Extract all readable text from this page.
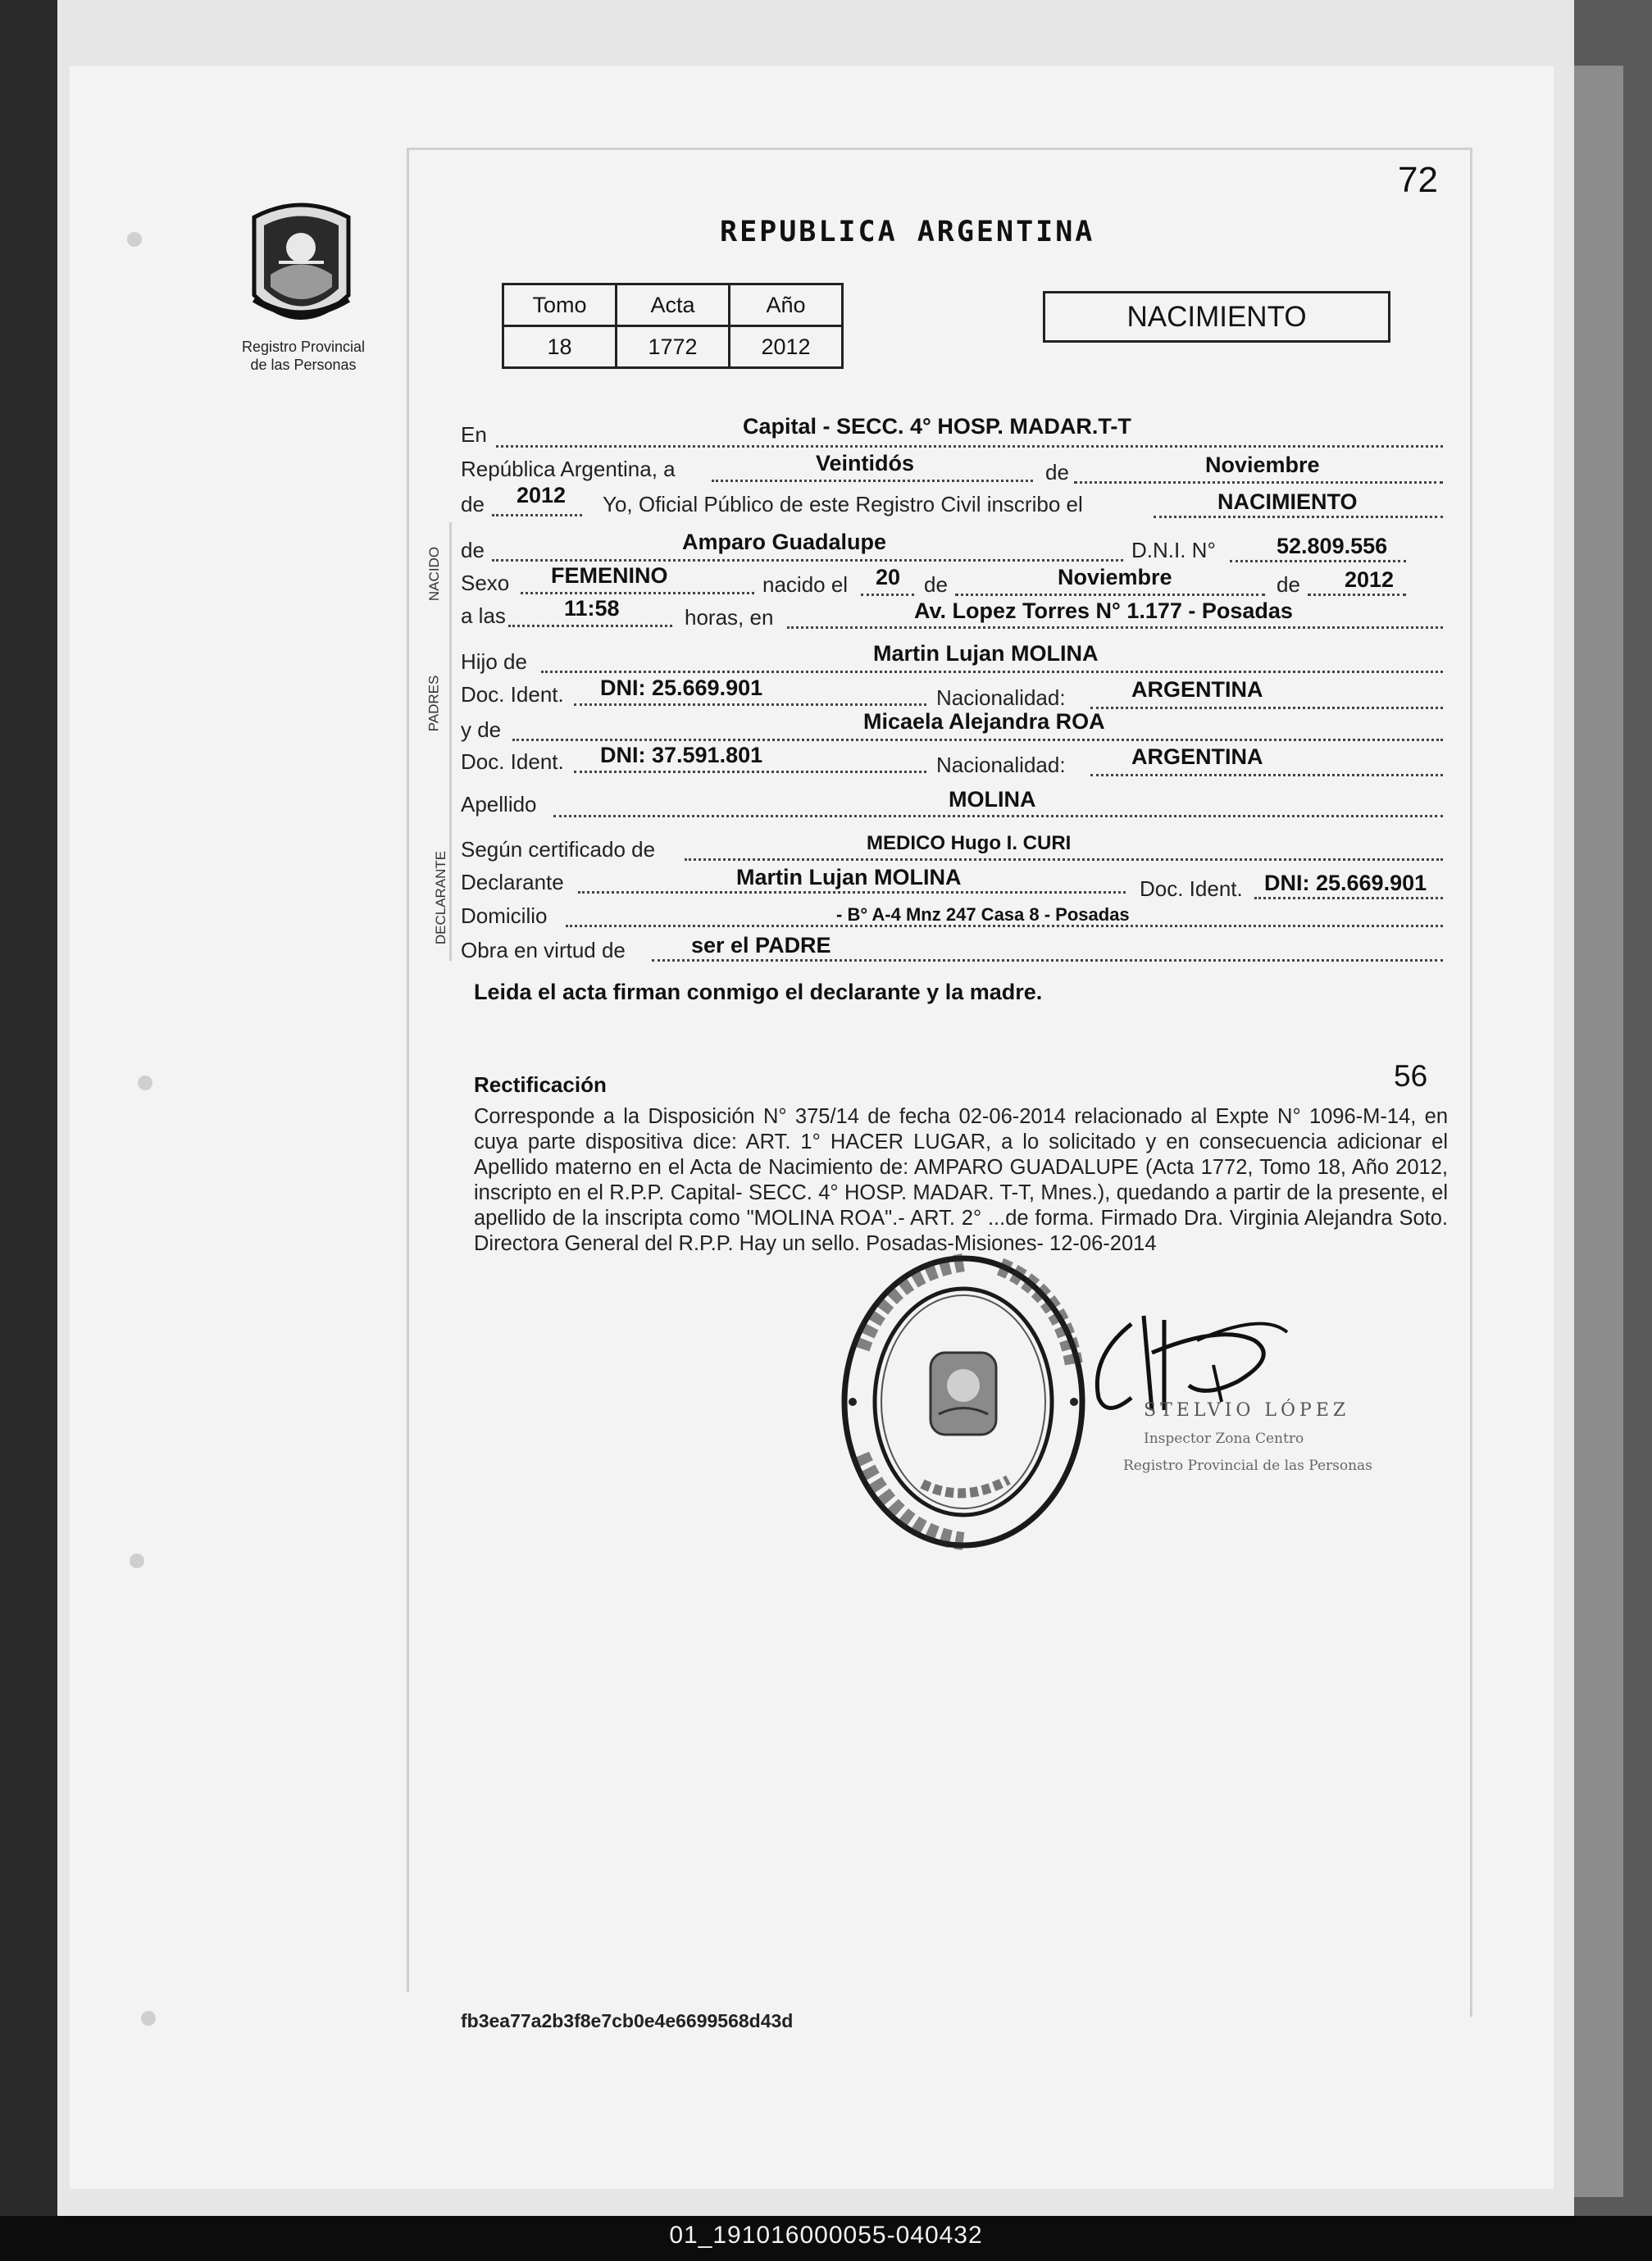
Registro Provincial
de las Personas
72
REPUBLICA ARGENTINA
Tomo	Acta	Año
18	1772	2012
NACIMIENTO
En	Capital - SECC. 4° HOSP. MADAR.T-T
República Argentina, a	Veintidós	de	Noviembre
de 2012 Yo, Oficial Público de este Registro Civil inscribo el	NACIMIENTO
NACIDO de	Amparo Guadalupe	D.N.I. N°	52.809.556
Sexo FEMENINO	nacido el 20 de	Noviembre	de 2012
a las	11:58	horas, en	Av. Lopez Torres N° 1.177 - Posadas
PADRES
Hijo de	Martin Lujan MOLINA
Doc. Ident. DNI: 25.669.901	Nacionalidad:	ARGENTINA
y de	Micaela Alejandra ROA
Doc. Ident. DNI: 37.591.801	Nacionalidad:	ARGENTINA
Apellido	MOLINA
DECLARANTE
Según certificado de	MEDICO Hugo I. CURI
Declarante	Martin Lujan MOLINA	Doc. Ident. DNI: 25.669.901
Domicilio	- B° A-4 Mnz 247 Casa 8 - Posadas
Obra en virtud de	ser el PADRE
Leida el acta firman conmigo el declarante y la madre.
Rectificación	56
Corresponde a la Disposición N° 375/14 de fecha 02-06-2014 relacionado al Expte N° 1096-M-14, en cuya parte dispositiva dice: ART. 1° HACER LUGAR, a lo solicitado y en consecuencia adicionar el Apellido materno en el Acta de Nacimiento de: AMPARO GUADALUPE (Acta 1772, Tomo 18, Año 2012, inscripto en el R.P.P. Capital- SECC. 4° HOSP. MADAR. T-T, Mnes.), quedando a partir de la presente, el apellido de la inscripta como "MOLINA ROA".- ART. 2° ...de forma. Firmado Dra. Virginia Alejandra Soto. Directora General del R.P.P. Hay un sello. Posadas-Misiones- 12-06-2014
STELVIO LÓPEZ
Inspector Zona Centro
Registro Provincial de las Personas
fb3ea77a2b3f8e7cb0e4e6699568d43d
01_191016000055-040432
